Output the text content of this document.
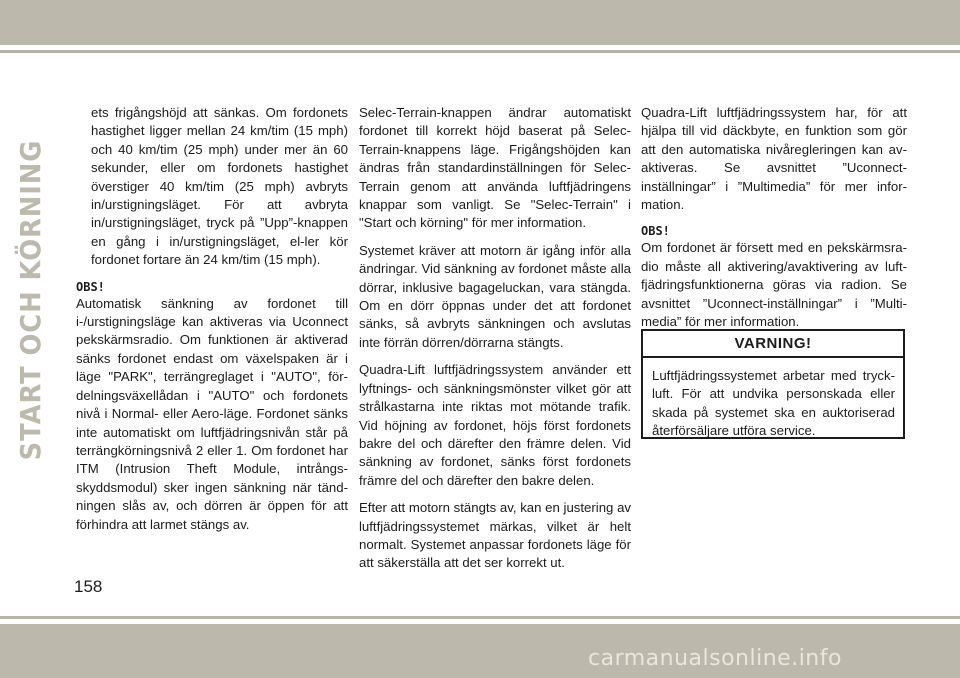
START OCH KÖRNING

ets frigångshöjd att sänkas. Om fordonets hastighet ligger mellan 24 km/tim (15 mph) och 40 km/tim (25 mph) under mer än 60 sekunder, eller om fordonets hastighet överstiger 40 km/tim (25 mph) avbryts in/urstigningsläget. För att avbryta in/urstigningsläget, tryck på ”Upp”-knappen en gång i in/urstigningsläget, el-ler kör fordonet fortare än 24 km/tim (15 mph).

OBS!

Automatisk sänkning av fordonet till i-/urstigningsläge kan aktiveras via Uconnect pekskärmsradio. Om funktionen är aktiverad sänks fordonet endast om växelspaken är i läge "PARK", terrängreglaget i "AUTO", för-delningsväxellådan i "AUTO" och fordonets nivå i Normal- eller Aero-läge. Fordonet sänks inte automatiskt om luftfjädringsnivån står på terrängkörningsnivå 2 eller 1. Om fordonet har ITM (Intrusion Theft Module, intrångs-skyddsmodul) sker ingen sänkning när tänd-ningen slås av, och dörren är öppen för att förhindra att larmet stängs av.

Selec-Terrain-knappen ändrar automatiskt fordonet till korrekt höjd baserat på Selec-Terrain-knappens läge. Frigångshöjden kan ändras från standardinställningen för Selec-Terrain genom att använda luftfjädringens knappar som vanligt. Se "Selec-Terrain" i "Start och körning" för mer information.

Systemet kräver att motorn är igång inför alla ändringar. Vid sänkning av fordonet måste alla dörrar, inklusive bagageluckan, vara stängda. Om en dörr öppnas under det att fordonet sänks, så avbryts sänkningen och avslutas inte förrän dörren/dörrarna stängts.

Quadra-Lift luftfjädringssystem använder ett lyftnings- och sänkningsmönster vilket gör att strålkastarna inte riktas mot mötande trafik. Vid höjning av fordonet, höjs först fordonets bakre del och därefter den främre delen. Vid sänkning av fordonet, sänks först fordonets främre del och därefter den bakre delen.

Efter att motorn stängts av, kan en justering av luftfjädringssystemet märkas, vilket är helt normalt. Systemet anpassar fordonets läge för att säkerställa att det ser korrekt ut.

Quadra-Lift luftfjädringssystem har, för att hjälpa till vid däckbyte, en funktion som gör att den automatiska nivåregleringen kan av-aktiveras. Se avsnittet ”Uconnect-inställningar” i ”Multimedia” för mer infor-mation.

OBS!

Om fordonet är försett med en pekskärmsra-dio måste all aktivering/avaktivering av luft-fjädringsfunktionerna göras via radion. Se avsnittet ”Uconnect-inställningar” i ”Multi-media” för mer information.

VARNING!
Luftfjädringssystemet arbetar med tryck-luft. För att undvika personskada eller skada på systemet ska en auktoriserad återförsäljare utföra service.
158
carmanualsonline.info
